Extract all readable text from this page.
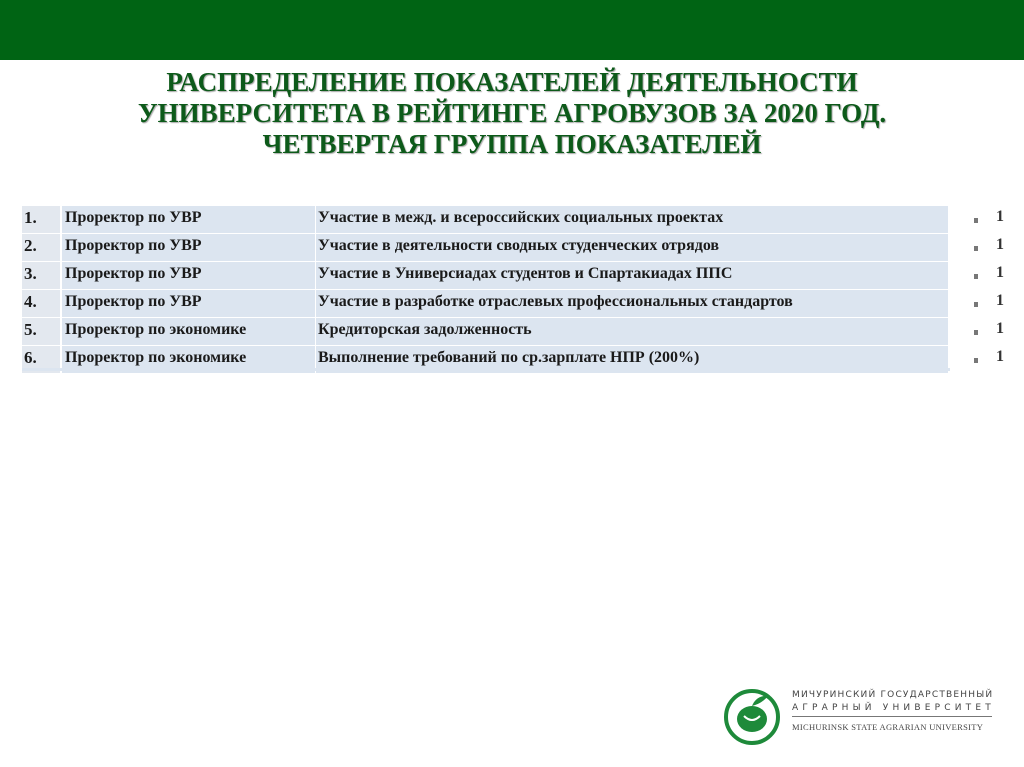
РАСПРЕДЕЛЕНИЕ ПОКАЗАТЕЛЕЙ ДЕЯТЕЛЬНОСТИ
УНИВЕРСИТЕТА В РЕЙТИНГЕ АГРОВУЗОВ ЗА 2020 ГОД.
ЧЕТВЕРТАЯ ГРУППА ПОКАЗАТЕЛЕЙ
1.	Проректор по УВР	Участие в межд. и всероссийских социальных проектах	1
2.	Проректор по УВР	Участие в деятельности сводных студенческих отрядов	1
3.	Проректор по УВР	Участие в Универсиадах студентов и Спартакиадах ППС	1
4.	Проректор по УВР	Участие в разработке отраслевых профессиональных стандартов	1
5.	Проректор по экономике	Кредиторская задолженность	1
6.	Проректор по экономике	Выполнение требований по ср.зарплате НПР (200%)	1
МИЧУРИНСКИЙ ГОСУДАРСТВЕННЫЙ
АГРАРНЫЙ УНИВЕРСИТЕТ
MICHURINSK STATE AGRARIAN UNIVERSITY
